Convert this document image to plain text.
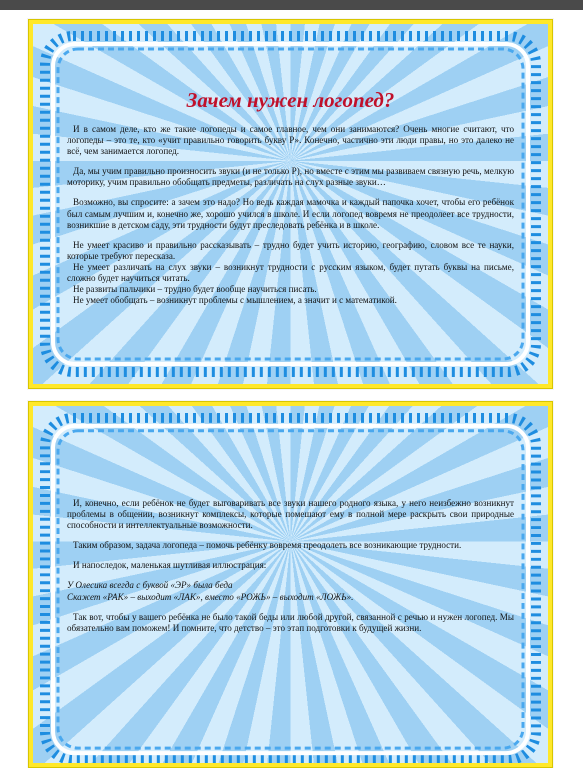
Зачем нужен логопед?

И в самом деле, кто же такие логопеды и самое главное, чем они занимаются? Очень многие считают, что логопеды – это те, кто «учит правильно говорить букву Р». Конечно, частично эти люди правы, но это далеко не всё, чем занимается логопед.

Да, мы учим правильно произносить звуки (и не только Р), но вместе с этим мы развиваем связную речь, мелкую моторику, учим правильно обобщать предметы, различать на слух разные звуки…

Возможно, вы спросите: а зачем это надо? Но ведь каждая мамочка и каждый папочка хочет, чтобы его ребёнок был самым лучшим и, конечно же, хорошо учился в школе. И если логопед вовремя не преодолеет все трудности, возникшие в детском саду, эти трудности будут преследовать ребёнка и в школе.

Не умеет красиво и правильно рассказывать – трудно будет учить историю, географию, словом все те науки, которые требуют пересказа.

Не умеет различать на слух звуки – возникнут трудности с русским языком, будет путать буквы на письме, сложно будет научиться читать.

Не развиты пальчики – трудно будет вообще научиться писать.

Не умеет обобщать – возникнут проблемы с мышлением, а значит и с математикой.

И, конечно, если ребёнок не будет выговаривать все звуки нашего родного языка, у него неизбежно возникнут проблемы в общении, возникнут комплексы, которые помешают ему в полной мере раскрыть свои природные способности и интеллектуальные возможности.

Таким образом, задача логопеда – помочь ребёнку вовремя преодолеть все возникающие трудности.

И напоследок, маленькая шутливая иллюстрация:

У Олесика всегда с буквой «ЭР» была беда

Скажет «РАК» – выходит «ЛАК», вместо «РОЖЬ» – выходит «ЛОЖЬ».

Так вот, чтобы у вашего ребёнка не было такой беды или любой другой, связанной с речью и нужен логопед. Мы обязательно вам поможем! И помните, что детство – это этап подготовки к будущей жизни.
